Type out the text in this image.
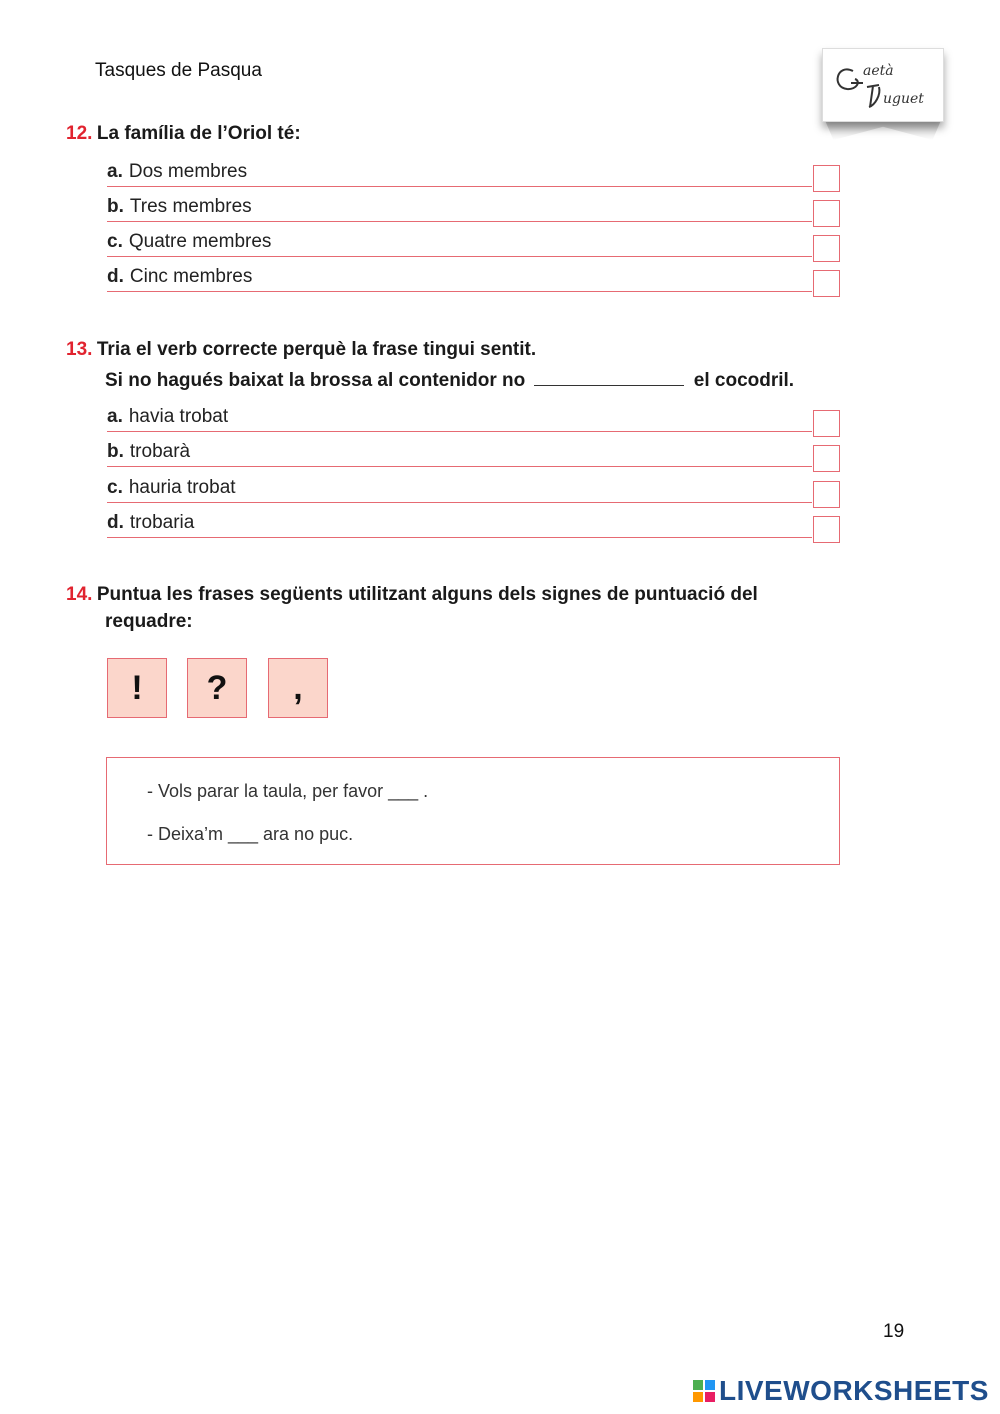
Tasques de Pasqua	aetà
uguet
12. La família de l’Oriol té:
a. Dos membres
b. Tres membres
c. Quatre membres
d. Cinc membres
13. Tria el verb correcte perquè la frase tingui sentit.
Si no hagués baixat la brossa al contenidor no	el cocodril.
a. havia trobat
b. trobarà
c. hauria trobat
d. trobaria
14. Puntua les frases següents utilitzant alguns dels signes de puntuació del
requadre:
!	?	,
- Vols parar la taula, per favor ___ .
- Deixa’m ___ ara no puc.
19
LIVEWORKSHEETS
